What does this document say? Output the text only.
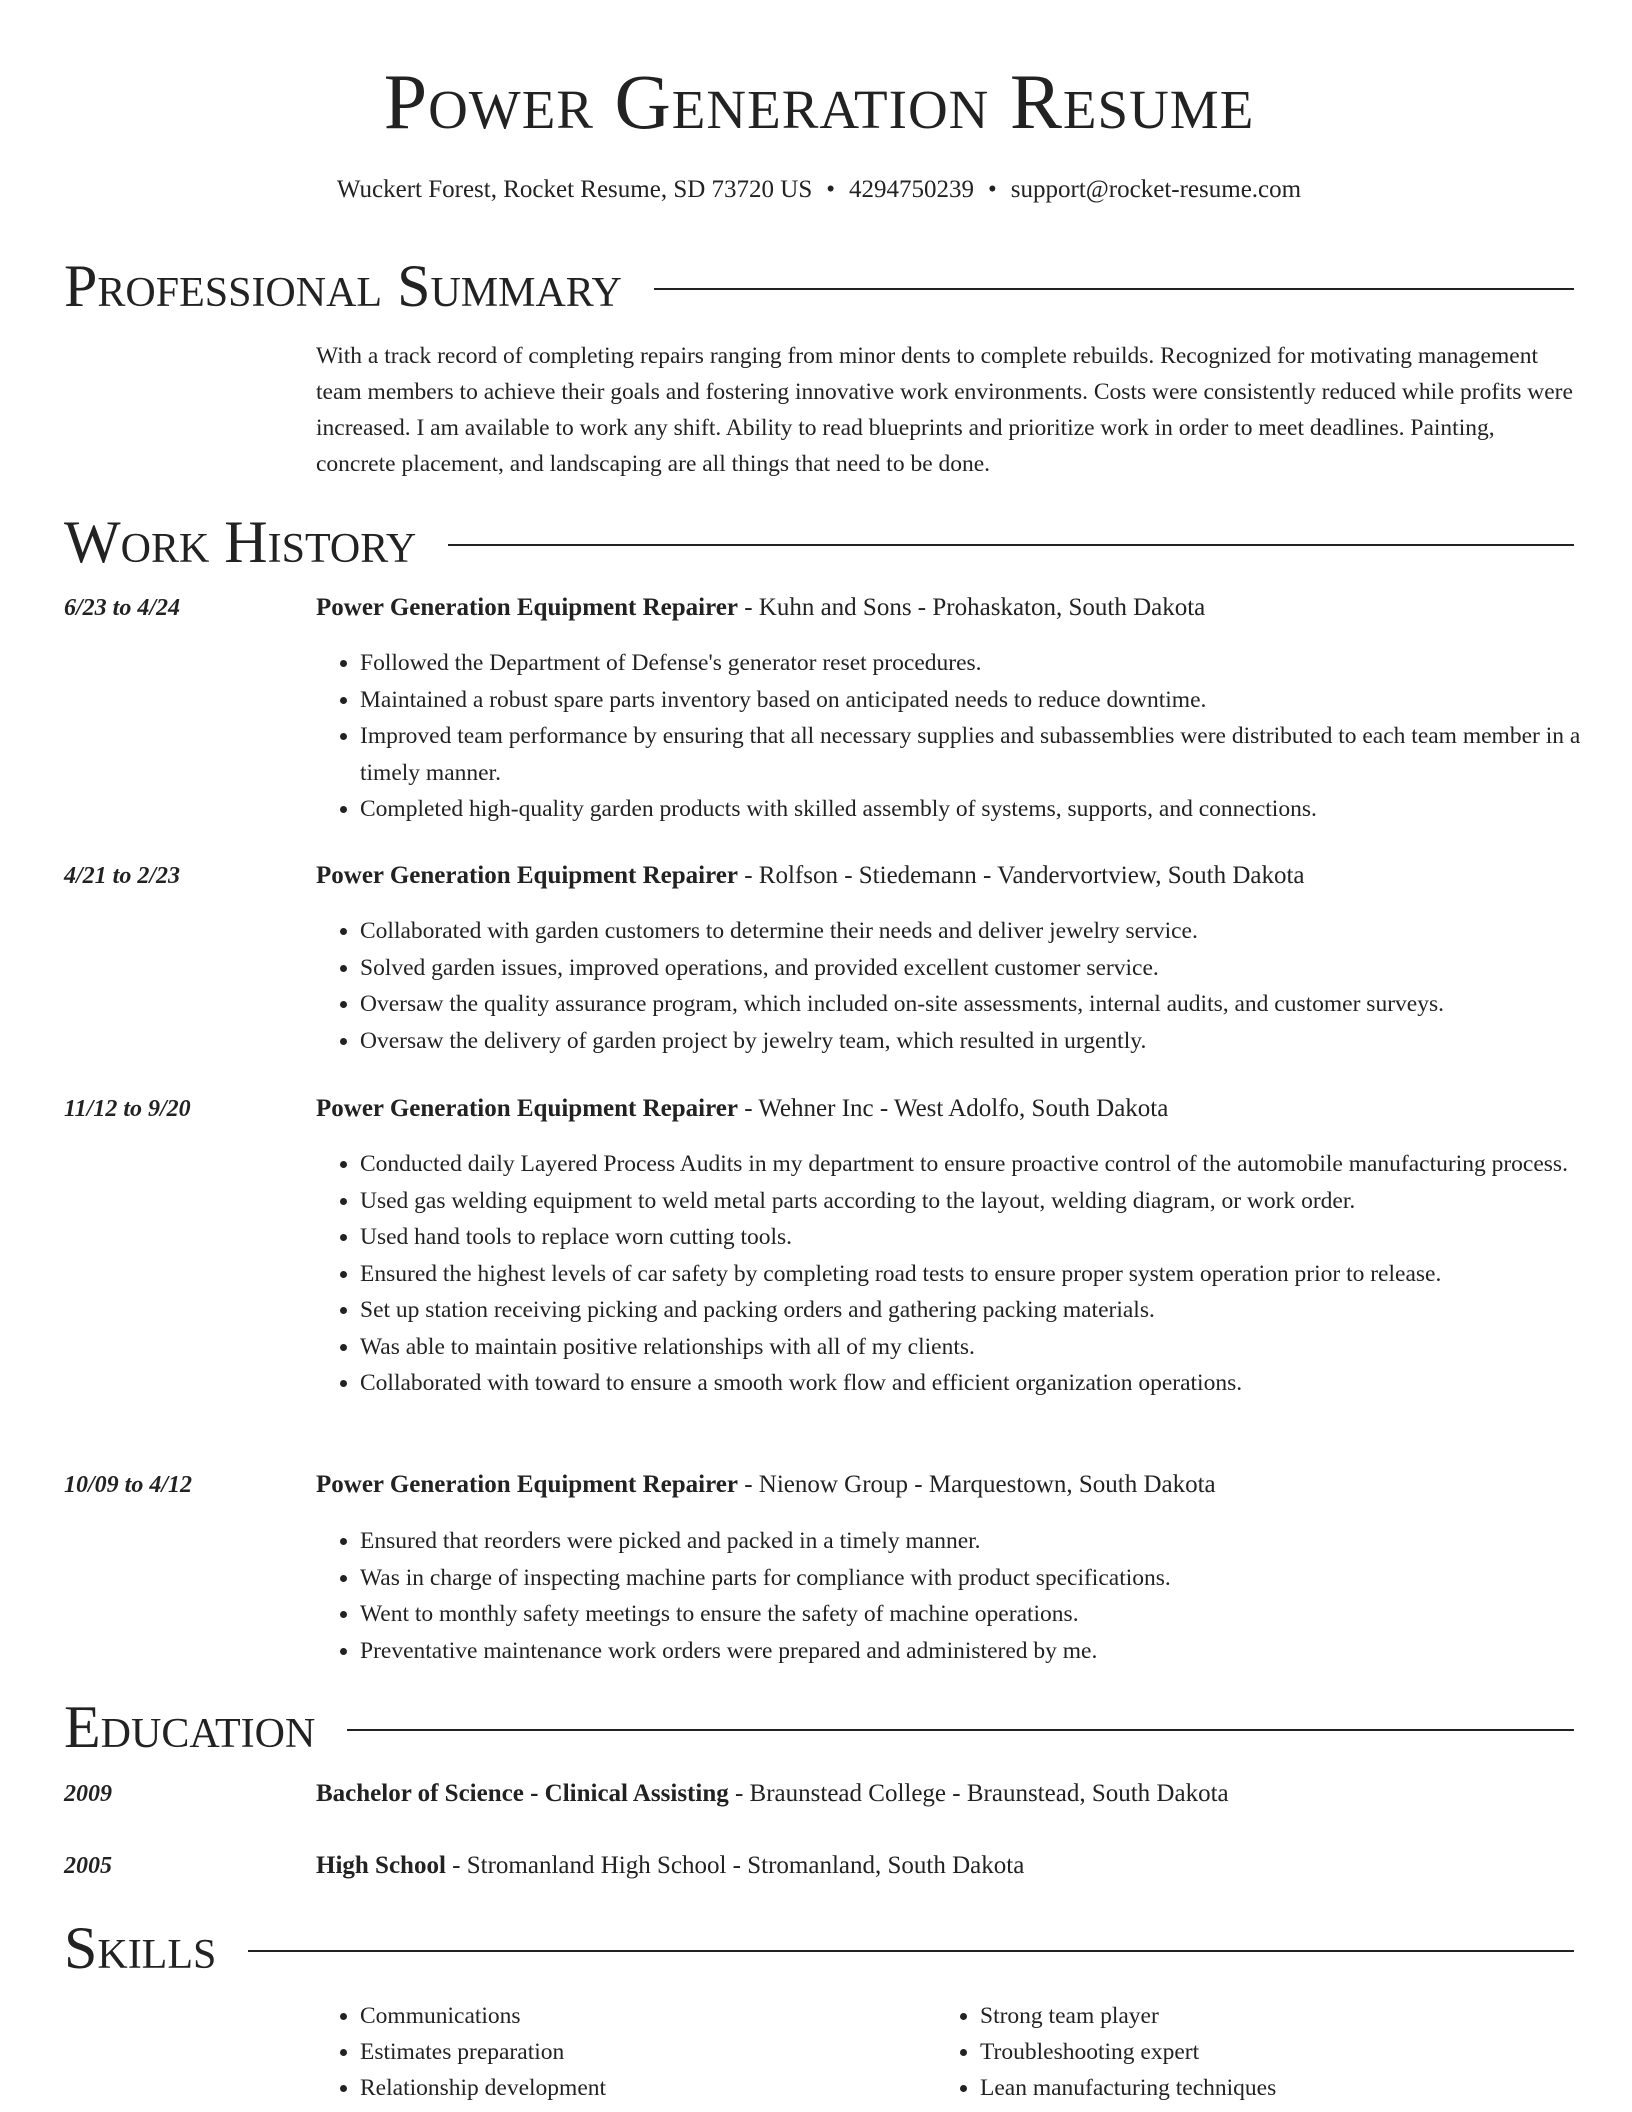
Power Generation Resume
Wuckert Forest, Rocket Resume, SD 73720 US • 4294750239 • support@rocket-resume.com
Professional Summary
With a track record of completing repairs ranging from minor dents to complete rebuilds. Recognized for motivating management team members to achieve their goals and fostering innovative work environments. Costs were consistently reduced while profits were increased. I am available to work any shift. Ability to read blueprints and prioritize work in order to meet deadlines. Painting, concrete placement, and landscaping are all things that need to be done.
Work History
6/23 to 4/24	Power Generation Equipment Repairer - Kuhn and Sons - Prohaskaton, South Dakota
• Followed the Department of Defense's generator reset procedures.
• Maintained a robust spare parts inventory based on anticipated needs to reduce downtime.
• Improved team performance by ensuring that all necessary supplies and subassemblies were distributed to each team member in a timely manner.
• Completed high-quality garden products with skilled assembly of systems, supports, and connections.
4/21 to 2/23	Power Generation Equipment Repairer - Rolfson - Stiedemann - Vandervortview, South Dakota
• Collaborated with garden customers to determine their needs and deliver jewelry service.
• Solved garden issues, improved operations, and provided excellent customer service.
• Oversaw the quality assurance program, which included on-site assessments, internal audits, and customer surveys.
• Oversaw the delivery of garden project by jewelry team, which resulted in urgently.
11/12 to 9/20	Power Generation Equipment Repairer - Wehner Inc - West Adolfo, South Dakota
• Conducted daily Layered Process Audits in my department to ensure proactive control of the automobile manufacturing process.
• Used gas welding equipment to weld metal parts according to the layout, welding diagram, or work order.
• Used hand tools to replace worn cutting tools.
• Ensured the highest levels of car safety by completing road tests to ensure proper system operation prior to release.
• Set up station receiving picking and packing orders and gathering packing materials.
• Was able to maintain positive relationships with all of my clients.
• Collaborated with toward to ensure a smooth work flow and efficient organization operations.
10/09 to 4/12	Power Generation Equipment Repairer - Nienow Group - Marquestown, South Dakota
• Ensured that reorders were picked and packed in a timely manner.
• Was in charge of inspecting machine parts for compliance with product specifications.
• Went to monthly safety meetings to ensure the safety of machine operations.
• Preventative maintenance work orders were prepared and administered by me.
Education
2009	Bachelor of Science - Clinical Assisting - Braunstead College - Braunstead, South Dakota
2005	High School - Stromanland High School - Stromanland, South Dakota
Skills
• Communications
• Estimates preparation
• Relationship development
• Strong team player
• Troubleshooting expert
• Lean manufacturing techniques
